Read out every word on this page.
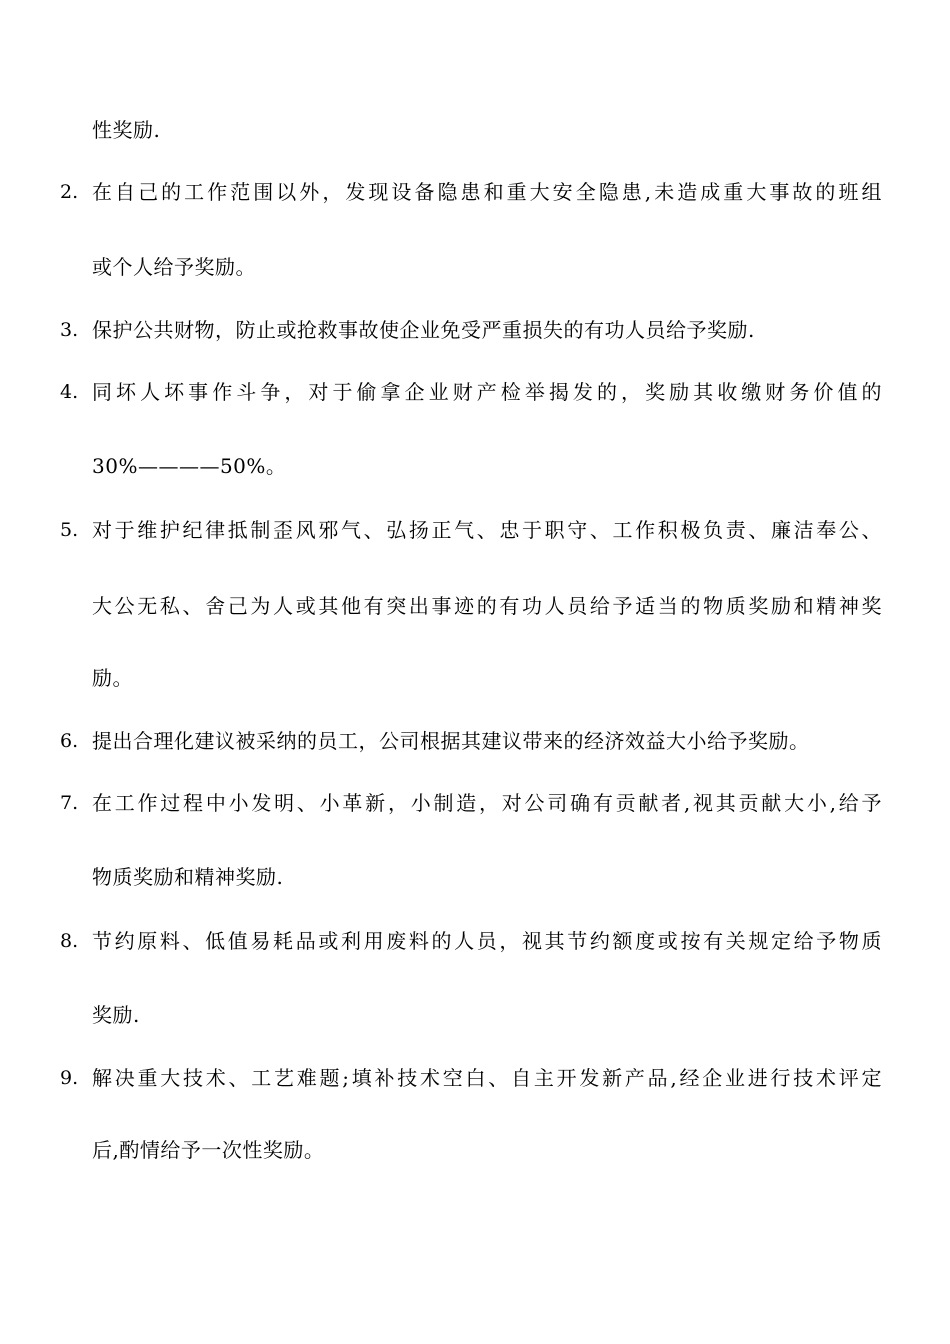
性奖励.
2. 在自己的工作范围以外，发现设备隐患和重大安全隐患,未造成重大事故的班组
或个人给予奖励。
3. 保护公共财物，防止或抢救事故使企业免受严重损失的有功人员给予奖励.
4. 同坏人坏事作斗争，对于偷拿企业财产检举揭发的，奖励其收缴财务价值的
30%————50%。
5. 对于维护纪律抵制歪风邪气、弘扬正气、忠于职守、工作积极负责、廉洁奉公、
大公无私、舍己为人或其他有突出事迹的有功人员给予适当的物质奖励和精神奖
励。
6. 提出合理化建议被采纳的员工，公司根据其建议带来的经济效益大小给予奖励。
7. 在工作过程中小发明、小革新，小制造，对公司确有贡献者,视其贡献大小,给予
物质奖励和精神奖励.
8. 节约原料、低值易耗品或利用废料的人员，视其节约额度或按有关规定给予物质
奖励.
9. 解决重大技术、工艺难题;填补技术空白、自主开发新产品,经企业进行技术评定
后,酌情给予一次性奖励。
